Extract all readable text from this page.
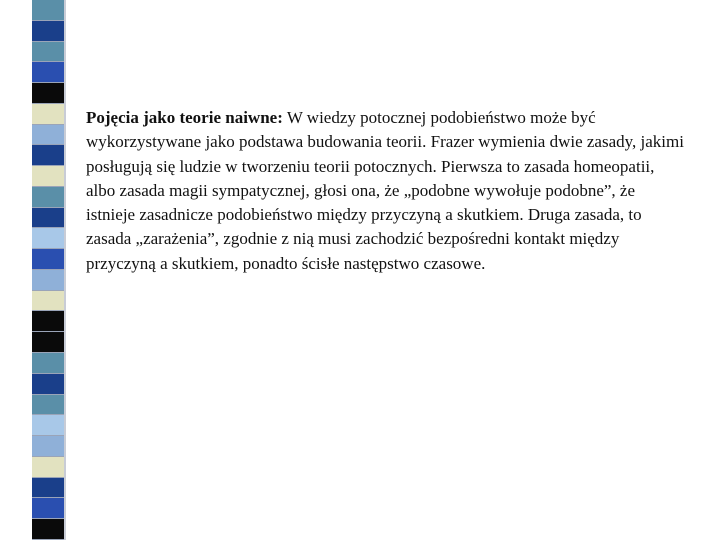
Pojęcia jako teorie naiwne: W wiedzy potocznej podobieństwo może być wykorzystywane jako podstawa budowania teorii. Frazer wymienia dwie zasady, jakimi posługują się ludzie w tworzeniu teorii potocznych. Pierwsza to zasada homeopatii, albo zasada magii sympatycznej, głosi ona, że „podobne wywołuje podobne”, że istnieje zasadnicze podobieństwo między przyczyną a skutkiem. Druga zasada, to zasada „zarażenia”, zgodnie z nią musi zachodzić bezpośredni kontakt między przyczyną a skutkiem, ponadto ścisłe następstwo czasowe.
